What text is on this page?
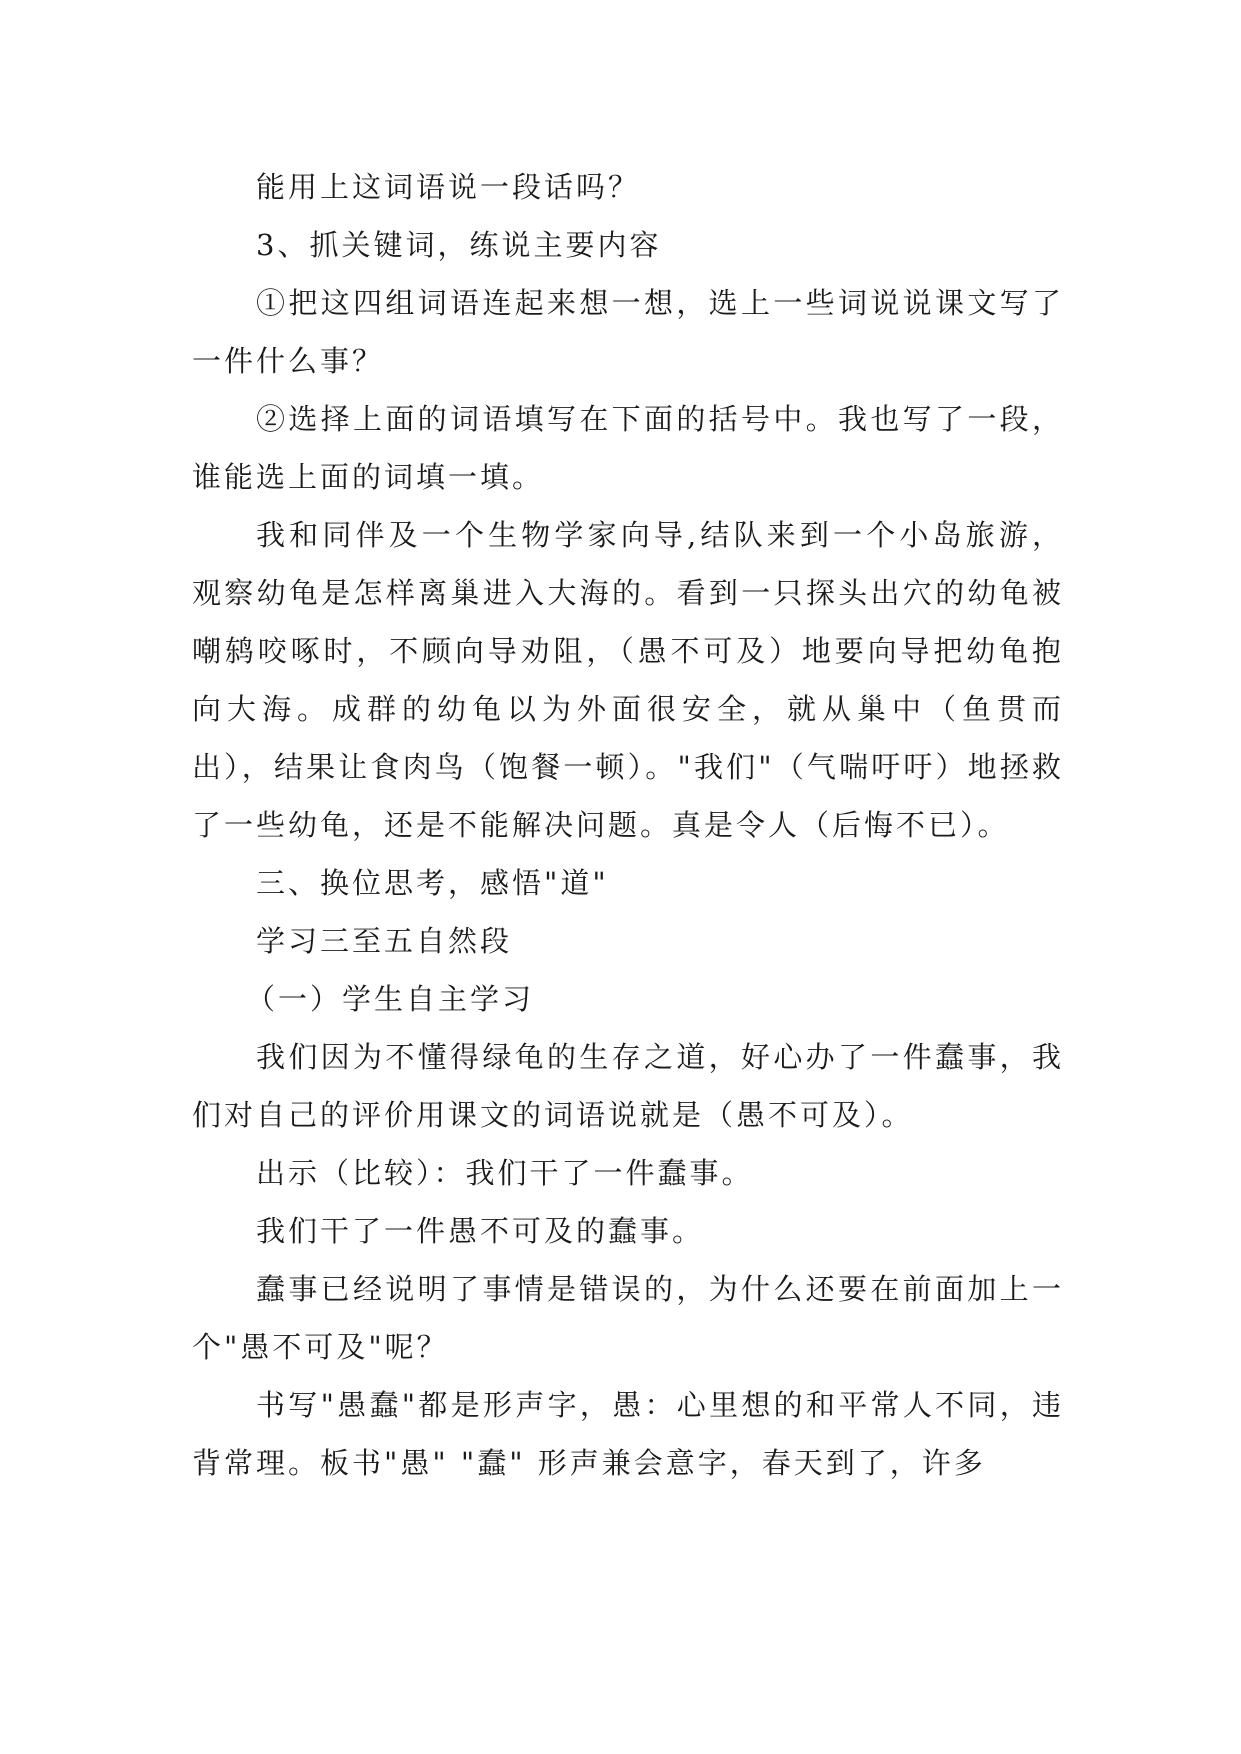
能用上这词语说一段话吗？

3、抓关键词，练说主要内容

①把这四组词语连起来想一想，选上一些词说说课文写了一件什么事？

②选择上面的词语填写在下面的括号中。我也写了一段，谁能选上面的词填一填。

我和同伴及一个生物学家向导,结队来到一个小岛旅游，观察幼龟是怎样离巢进入大海的。看到一只探头出穴的幼龟被嘲鸫咬啄时，不顾向导劝阻，（愚不可及）地要向导把幼龟抱向大海。成群的幼龟以为外面很安全，就从巢中（鱼贯而出），结果让食肉鸟（饱餐一顿）。"我们"（气喘吁吁）地拯救了一些幼龟，还是不能解决问题。真是令人（后悔不已）。

三、换位思考，感悟"道"

学习三至五自然段

（一）学生自主学习

我们因为不懂得绿龟的生存之道，好心办了一件蠢事，我们对自己的评价用课文的词语说就是（愚不可及）。

出示（比较）：我们干了一件蠢事。

我们干了一件愚不可及的蠢事。

蠢事已经说明了事情是错误的，为什么还要在前面加上一个"愚不可及"呢？

书写"愚蠢"都是形声字，愚：心里想的和平常人不同，违背常理。板书"愚" "蠢" 形声兼会意字，春天到了，许多
